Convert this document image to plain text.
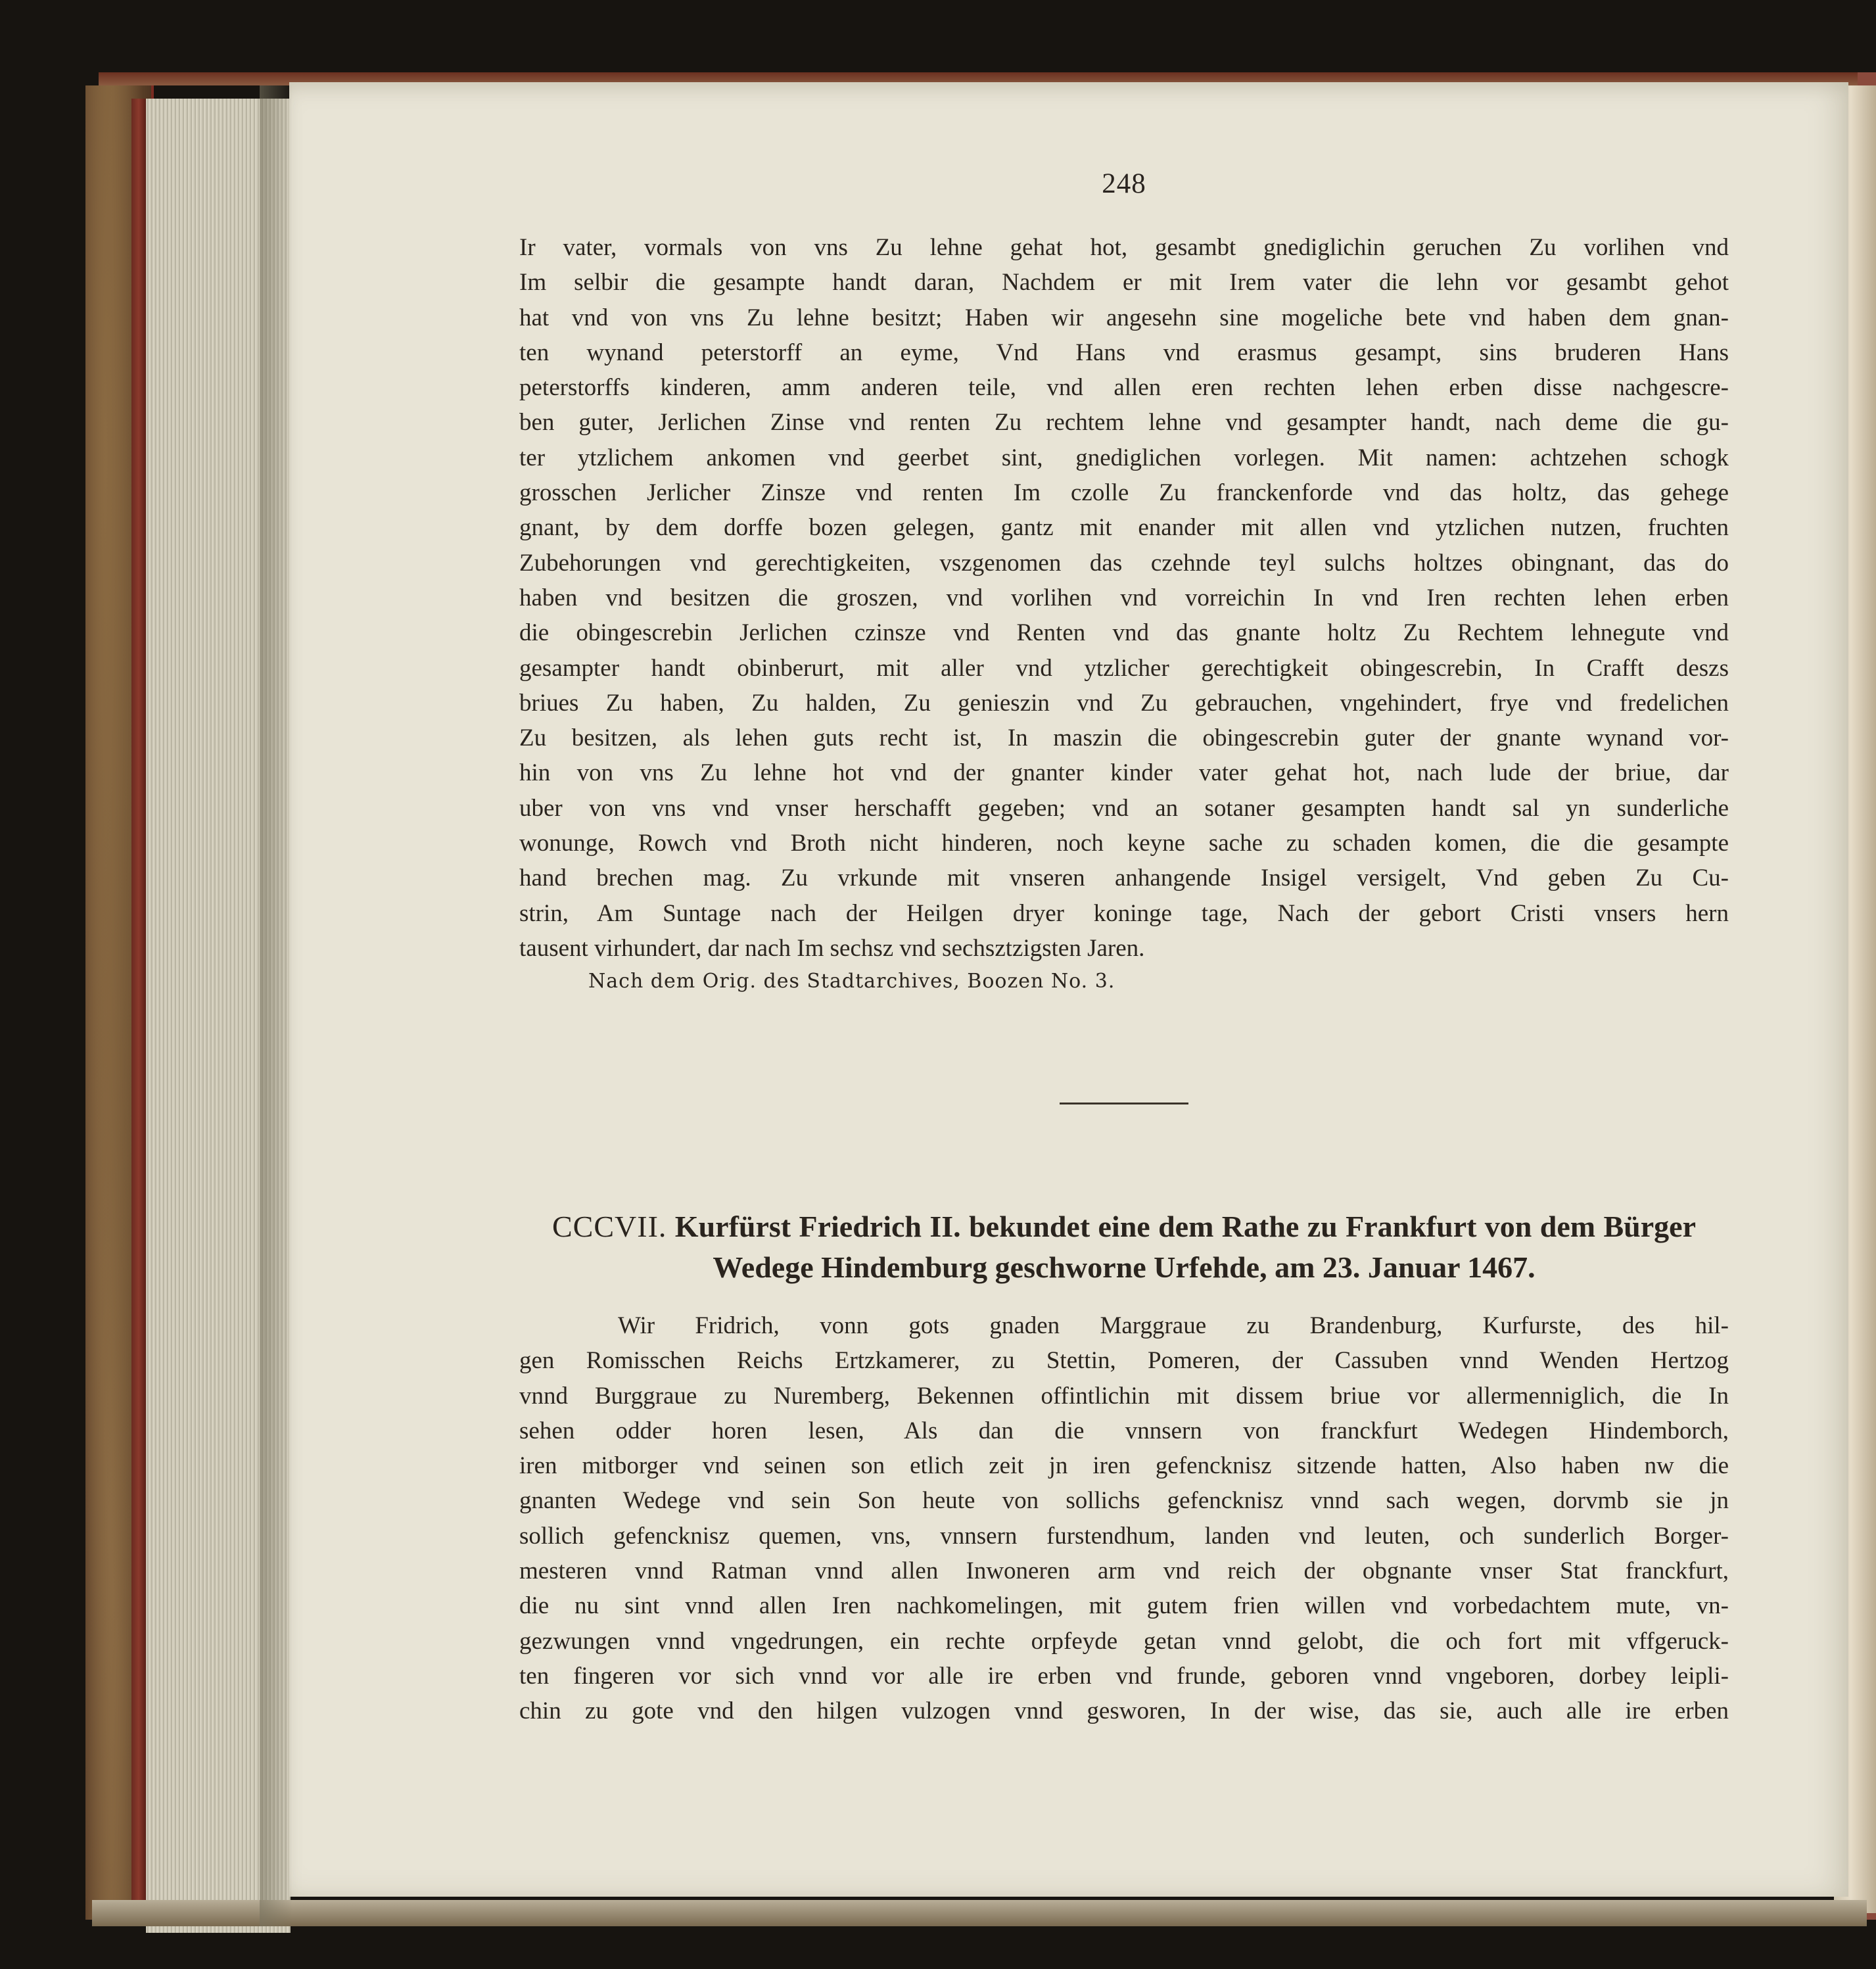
248
Ir vater, vormals von vns Zu lehne gehat hot, gesambt gnediglichin geruchen Zu vorlihen vnd
Im selbir die gesampte handt daran, Nachdem er mit Irem vater die lehn vor gesambt gehot
hat vnd von vns Zu lehne besitzt; Haben wir angesehn sine mogeliche bete vnd haben dem gnan-
ten wynand peterstorff an eyme, Vnd Hans vnd erasmus gesampt, sins bruderen Hans
peterstorffs kinderen, amm anderen teile, vnd allen eren rechten lehen erben disse nachgescre-
ben guter, Jerlichen Zinse vnd renten Zu rechtem lehne vnd gesampter handt, nach deme die gu-
ter ytzlichem ankomen vnd geerbet sint, gnediglichen vorlegen. Mit namen: achtzehen schogk
grosschen Jerlicher Zinsze vnd renten Im czolle Zu franckenforde vnd das holtz, das gehege
gnant, by dem dorffe bozen gelegen, gantz mit enander mit allen vnd ytzlichen nutzen, fruchten
Zubehorungen vnd gerechtigkeiten, vszgenomen das czehnde teyl sulchs holtzes obingnant, das do
haben vnd besitzen die groszen, vnd vorlihen vnd vorreichin In vnd Iren rechten lehen erben
die obingescrebin Jerlichen czinsze vnd Renten vnd das gnante holtz Zu Rechtem lehnegute vnd
gesampter handt obinberurt, mit aller vnd ytzlicher gerechtigkeit obingescrebin, In Crafft deszs
briues Zu haben, Zu halden, Zu genieszin vnd Zu gebrauchen, vngehindert, frye vnd fredelichen
Zu besitzen, als lehen guts recht ist, In maszin die obingescrebin guter der gnante wynand vor-
hin von vns Zu lehne hot vnd der gnanter kinder vater gehat hot, nach lude der briue, dar
uber von vns vnd vnser herschafft gegeben; vnd an sotaner gesampten handt sal yn sunderliche
wonunge, Rowch vnd Broth nicht hinderen, noch keyne sache zu schaden komen, die die gesampte
hand brechen mag. Zu vrkunde mit vnseren anhangende Insigel versigelt, Vnd geben Zu Cu-
strin, Am Suntage nach der Heilgen dryer koninge tage, Nach der gebort Cristi vnsers hern
tausent virhundert, dar nach Im sechsz vnd sechsztzigsten Jaren.
Nach dem Orig. des Stadtarchives, Boozen No. 3.
CCCVII. Kurfürst Friedrich II. bekundet eine dem Rathe zu Frankfurt von dem Bürger
Wedege Hindemburg geschworne Urfehde, am 23. Januar 1467.
Wir Fridrich, vonn gots gnaden Marggraue zu Brandenburg, Kurfurste, des hil-
gen Romisschen Reichs Ertzkamerer, zu Stettin, Pomeren, der Cassuben vnnd Wenden Hertzog
vnnd Burggraue zu Nuremberg, Bekennen offintlichin mit dissem briue vor allermenniglich, die In
sehen odder horen lesen, Als dan die vnnsern von franckfurt Wedegen Hindemborch,
iren mitborger vnd seinen son etlich zeit jn iren gefencknisz sitzende hatten, Also haben nw die
gnanten Wedege vnd sein Son heute von sollichs gefencknisz vnnd sach wegen, dorvmb sie jn
sollich gefencknisz quemen, vns, vnnsern furstendhum, landen vnd leuten, och sunderlich Borger-
mesteren vnnd Ratman vnnd allen Inwoneren arm vnd reich der obgnante vnser Stat franckfurt,
die nu sint vnnd allen Iren nachkomelingen, mit gutem frien willen vnd vorbedachtem mute, vn-
gezwungen vnnd vngedrungen, ein rechte orpfeyde getan vnnd gelobt, die och fort mit vffgeruck-
ten fingeren vor sich vnnd vor alle ire erben vnd frunde, geboren vnnd vngeboren, dorbey leipli-
chin zu gote vnd den hilgen vulzogen vnnd gesworen, In der wise, das sie, auch alle ire erben
